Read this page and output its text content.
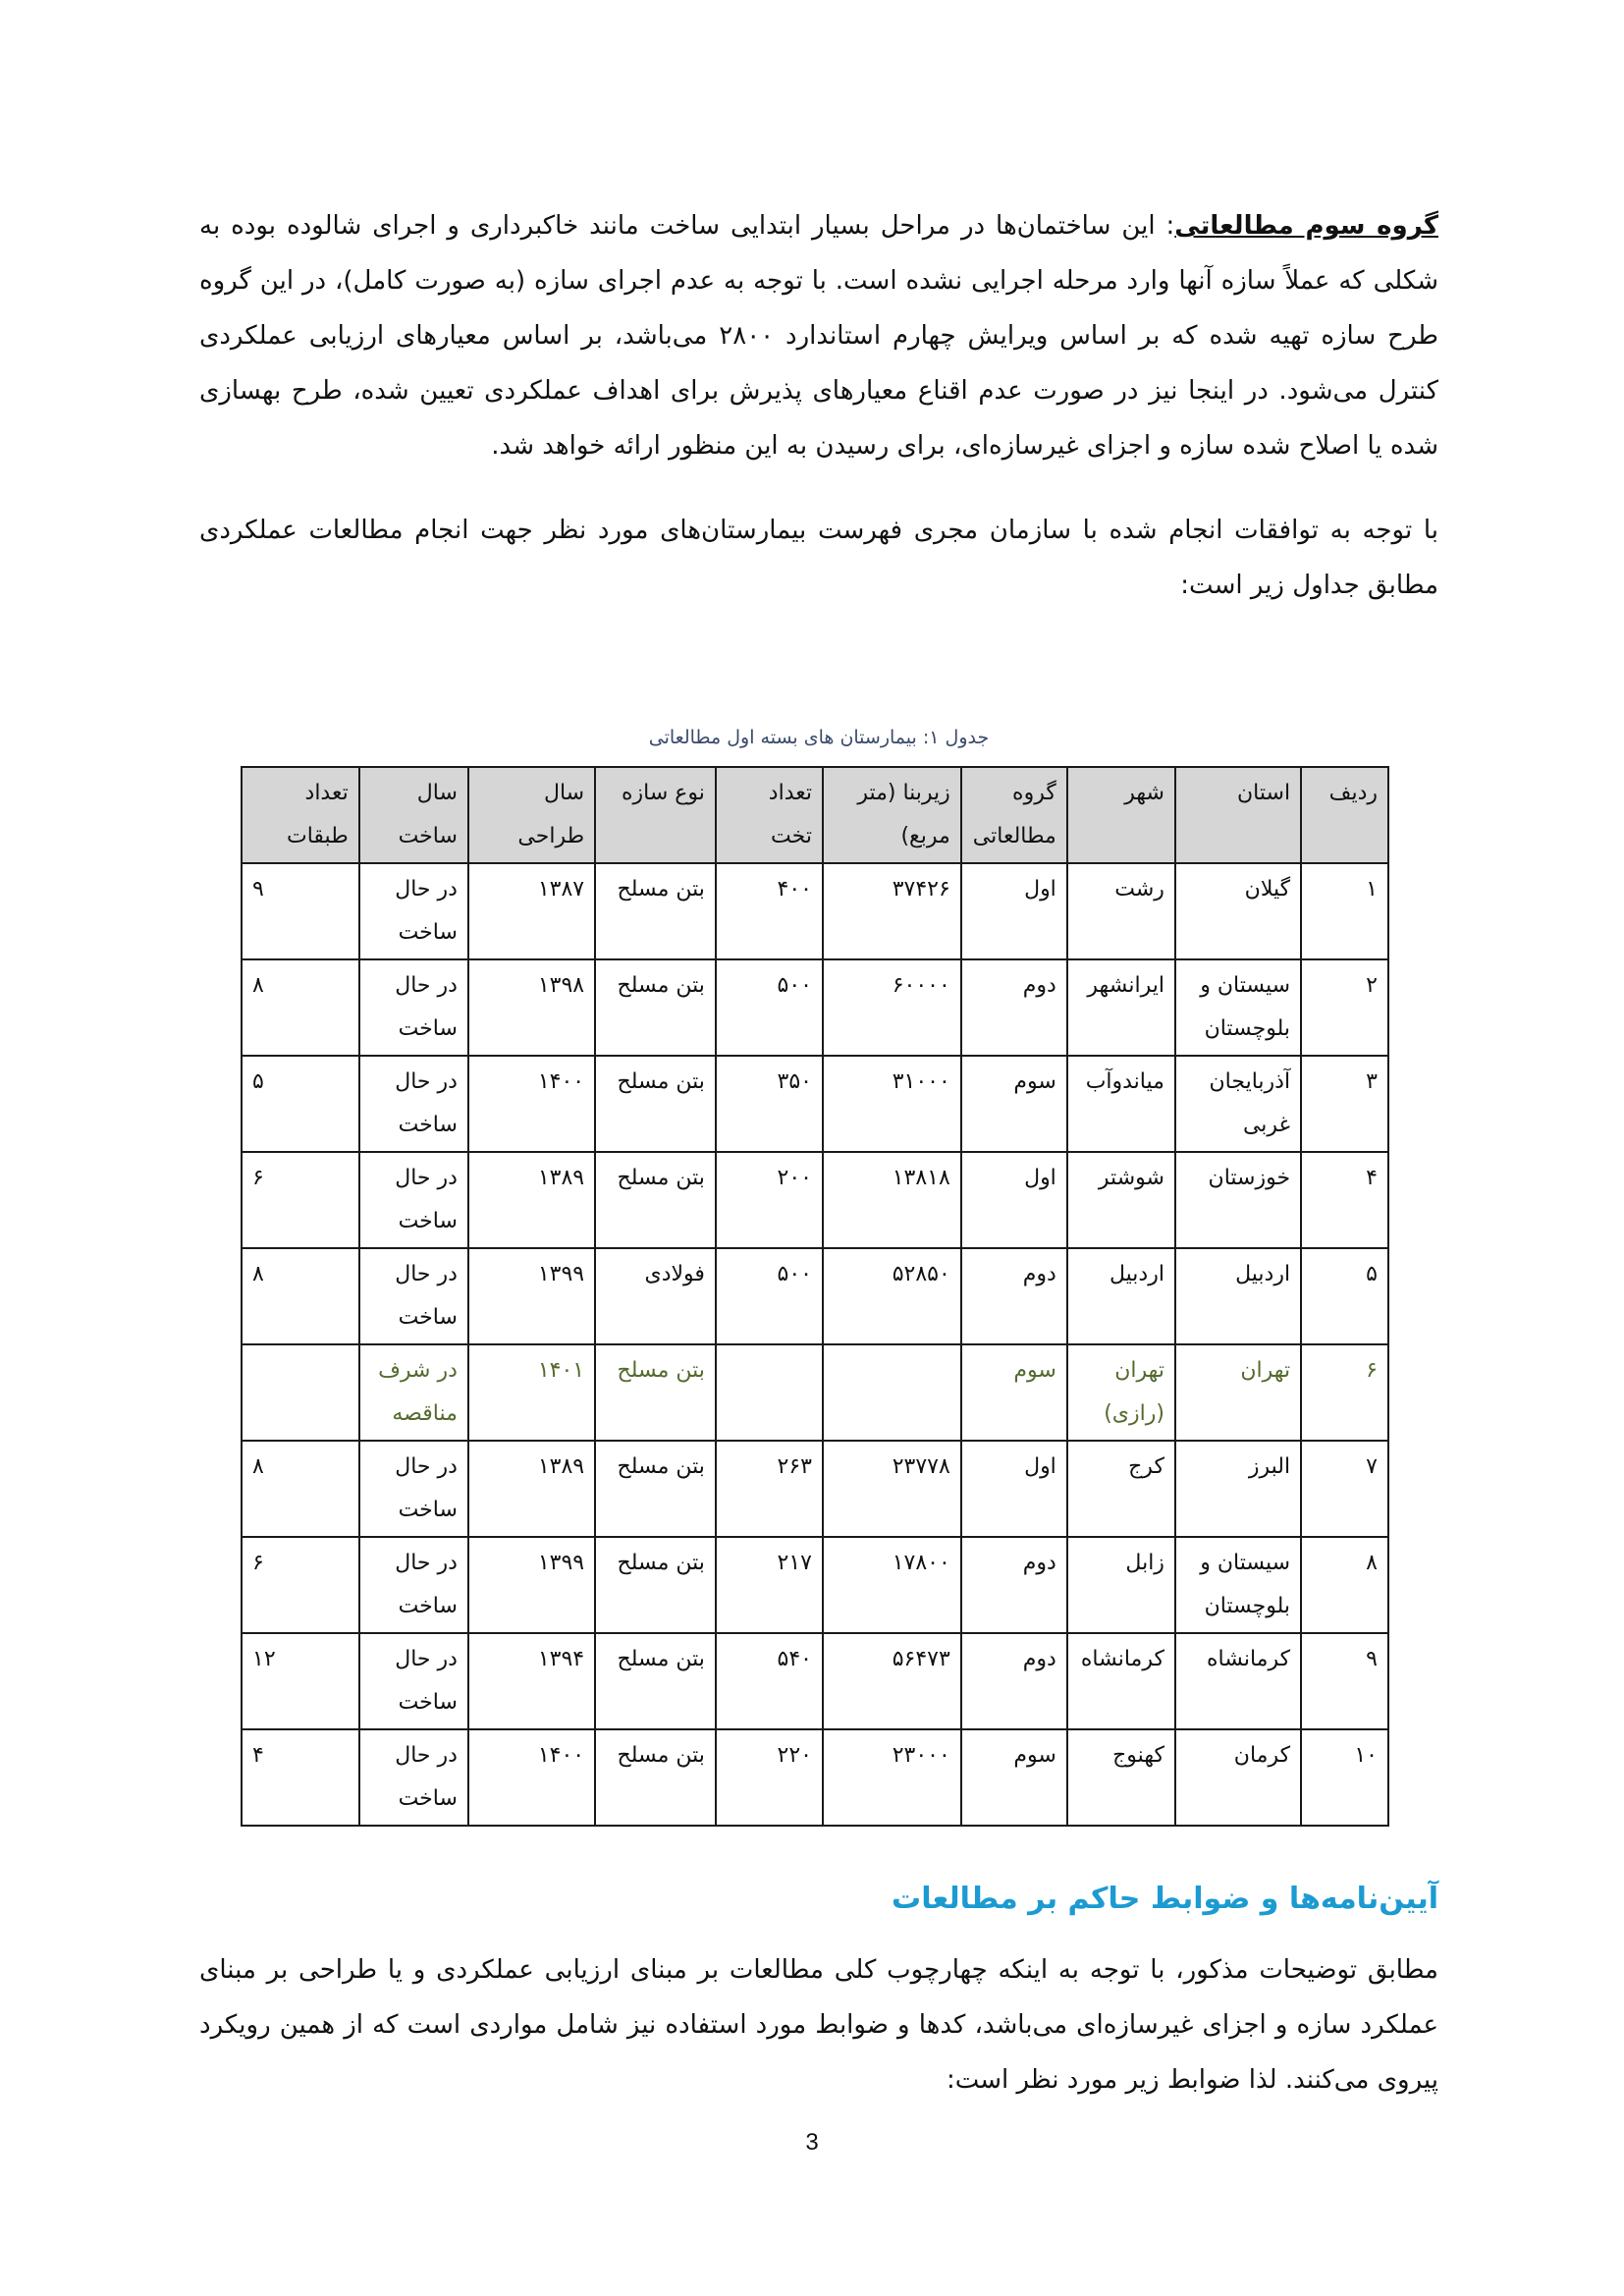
گروه سوم مطالعاتی: این ساختمان‌ها در مراحل بسیار ابتدایی ساخت مانند خاکبرداری و اجرای شالوده بوده به شکلی که عملاً سازه آنها وارد مرحله اجرایی نشده است. با توجه به عدم اجرای سازه (به صورت کامل)، در این گروه طرح سازه تهیه شده که بر اساس ویرایش چهارم استاندارد ۲۸۰۰ می‌باشد، بر اساس معیارهای ارزیابی عملکردی کنترل می‌شود. در اینجا نیز در صورت عدم اقناع معیارهای پذیرش برای اهداف عملکردی تعیین شده، طرح بهسازی شده یا اصلاح شده سازه و اجزای غیرسازه‌ای، برای رسیدن به این منظور ارائه خواهد شد.

با توجه به توافقات انجام شده با سازمان مجری فهرست بیمارستان‌های مورد نظر جهت انجام مطالعات عملکردی مطابق جداول زیر است:

جدول ۱: بیمارستان های بسته اول مطالعاتی

ردیف	استان	شهر	گروه مطالعاتی	زیربنا (متر مربع)	تعداد تخت	نوع سازه	سال طراحی	سال ساخت	تعداد طبقات
۱	گیلان	رشت	اول	۳۷۴۲۶	۴۰۰	بتن مسلح	۱۳۸۷	در حال ساخت	۹
۲	سیستان و بلوچستان	ایرانشهر	دوم	۶۰۰۰۰	۵۰۰	بتن مسلح	۱۳۹۸	در حال ساخت	۸
۳	آذربایجان غربی	میاندوآب	سوم	۳۱۰۰۰	۳۵۰	بتن مسلح	۱۴۰۰	در حال ساخت	۵
۴	خوزستان	شوشتر	اول	۱۳۸۱۸	۲۰۰	بتن مسلح	۱۳۸۹	در حال ساخت	۶
۵	اردبیل	اردبیل	دوم	۵۲۸۵۰	۵۰۰	فولادی	۱۳۹۹	در حال ساخت	۸
۶	تهران	تهران (رازی)	سوم			بتن مسلح	۱۴۰۱	در شرف مناقصه	
۷	البرز	کرج	اول	۲۳۷۷۸	۲۶۳	بتن مسلح	۱۳۸۹	در حال ساخت	۸
۸	سیستان و بلوچستان	زابل	دوم	۱۷۸۰۰	۲۱۷	بتن مسلح	۱۳۹۹	در حال ساخت	۶
۹	کرمانشاه	کرمانشاه	دوم	۵۶۴۷۳	۵۴۰	بتن مسلح	۱۳۹۴	در حال ساخت	۱۲
۱۰	کرمان	کهنوج	سوم	۲۳۰۰۰	۲۲۰	بتن مسلح	۱۴۰۰	در حال ساخت	۴
آیین‌نامه‌ها و ضوابط حاکم بر مطالعات

مطابق توضیحات مذکور، با توجه به اینکه چهارچوب کلی مطالعات بر مبنای ارزیابی عملکردی و یا طراحی بر مبنای عملکرد سازه و اجزای غیرسازه‌ای می‌باشد، کدها و ضوابط مورد استفاده نیز شامل مواردی است که از همین رویکرد پیروی می‌کنند. لذا ضوابط زیر مورد نظر است:

3
